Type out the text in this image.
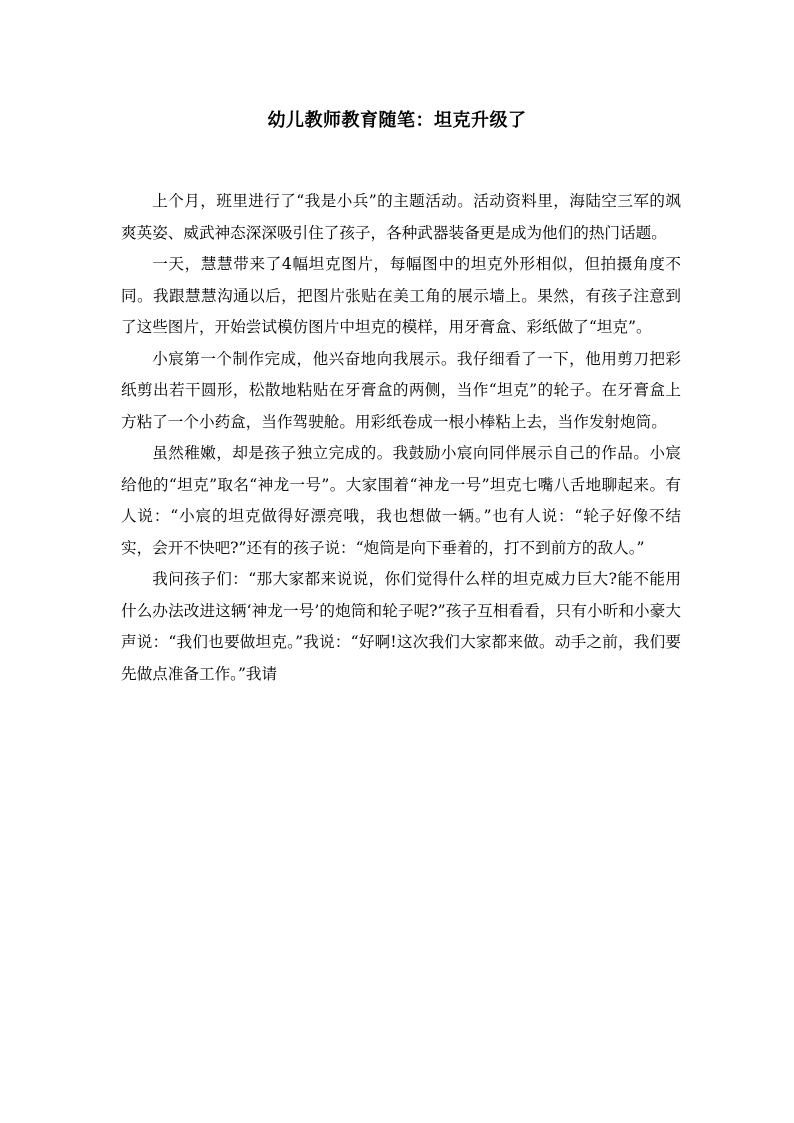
幼儿教师教育随笔：坦克升级了

上个月，班里进行了“我是小兵”的主题活动。活动资料里，海陆空三军的飒爽英姿、威武神态深深吸引住了孩子，各种武器装备更是成为他们的热门话题。

一天，慧慧带来了4幅坦克图片，每幅图中的坦克外形相似，但拍摄角度不同。我跟慧慧沟通以后，把图片张贴在美工角的展示墙上。果然，有孩子注意到了这些图片，开始尝试模仿图片中坦克的模样，用牙膏盒、彩纸做了“坦克”。

小宸第一个制作完成，他兴奋地向我展示。我仔细看了一下，他用剪刀把彩纸剪出若干圆形，松散地粘贴在牙膏盒的两侧，当作“坦克”的轮子。在牙膏盒上方粘了一个小药盒，当作驾驶舱。用彩纸卷成一根小棒粘上去，当作发射炮筒。

虽然稚嫩，却是孩子独立完成的。我鼓励小宸向同伴展示自己的作品。小宸给他的“坦克”取名“神龙一号”。大家围着“神龙一号”坦克七嘴八舌地聊起来。有人说：“小宸的坦克做得好漂亮哦，我也想做一辆。”也有人说：“轮子好像不结实，会开不快吧?”还有的孩子说：“炮筒是向下垂着的，打不到前方的敌人。”

我问孩子们：“那大家都来说说，你们觉得什么样的坦克威力巨大?能不能用什么办法改进这辆‘神龙一号’的炮筒和轮子呢?”孩子互相看看，只有小昕和小豪大声说：“我们也要做坦克。”我说：“好啊!这次我们大家都来做。动手之前，我们要先做点准备工作。”我请
